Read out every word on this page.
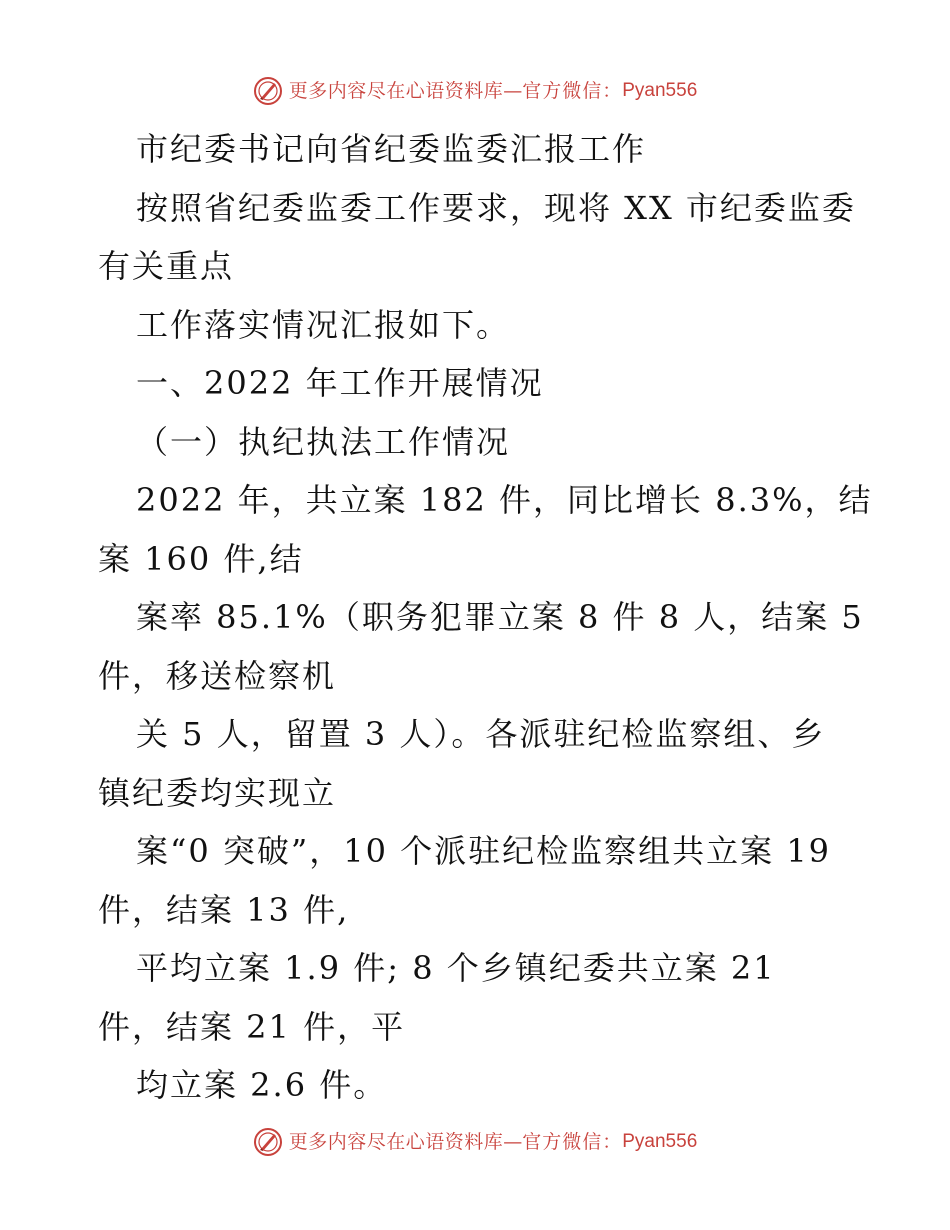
更多内容尽在心语资料库 — 官方微信： Pyan556
市纪委书记向省纪委监委汇报工作
按照省纪委监委工作要求，现将 XX 市纪委监委
有关重点
工作落实情况汇报如下。
一、2022 年工作开展情况
（一）执纪执法工作情况
2022 年，共立案 182 件，同比增长 8.3%，结
案 160 件,结
案率 85.1%（职务犯罪立案 8 件 8 人，结案 5
件，移送检察机
关 5 人，留置 3 人）。各派驻纪检监察组、乡
镇纪委均实现立
案“0 突破”，10 个派驻纪检监察组共立案 19
件，结案 13 件,
平均立案 1.9 件; 8 个乡镇纪委共立案 21
件，结案 21 件，平
均立案 2.6 件。
更多内容尽在心语资料库 — 官方微信： Pyan556
